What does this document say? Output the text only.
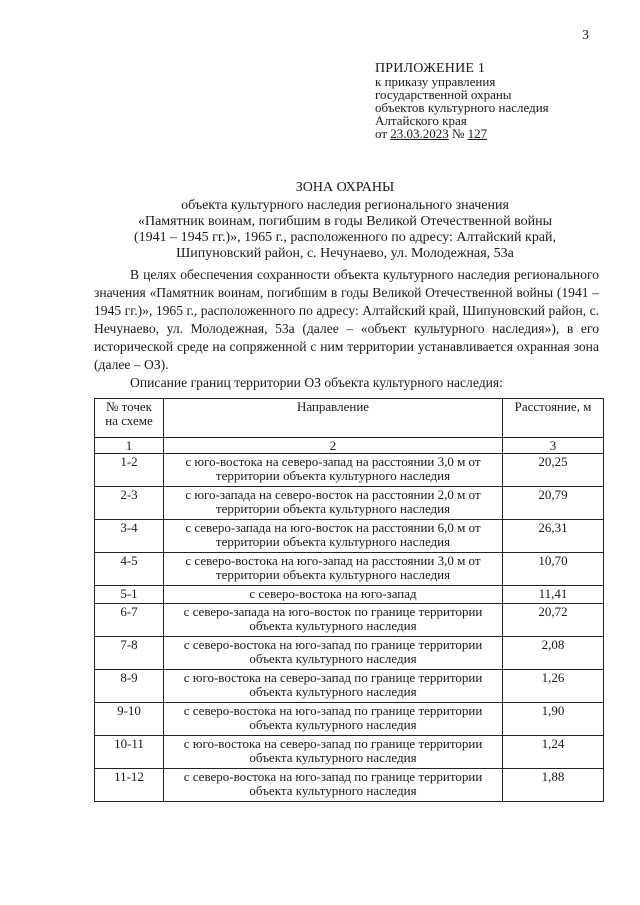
3
ПРИЛОЖЕНИЕ 1
к приказу управления
государственной охраны
объектов культурного наследия
Алтайского края
от 23.03.2023 № 127
ЗОНА ОХРАНЫ
объекта культурного наследия регионального значения
«Памятник воинам, погибшим в годы Великой Отечественной войны
(1941 – 1945 гг.)», 1965 г., расположенного по адресу: Алтайский край,
Шипуновский район, с. Нечунаево, ул. Молодежная, 53а

В целях обеспечения сохранности объекта культурного наследия регионального значения «Памятник воинам, погибшим в годы Великой Отечественной войны (1941 – 1945 гг.)», 1965 г., расположенного по адресу: Алтайский край, Шипуновский район, с. Нечунаево, ул. Молодежная, 53а (далее – «объект культурного наследия»), в его исторической среде на сопряженной с ним территории устанавливается охранная зона (далее – ОЗ).

Описание границ территории ОЗ объекта культурного наследия:

№ точек на схеме	Направление	Расстояние, м
1	2	3
1-2	с юго-востока на северо-запад на расстоянии 3,0 м от территории объекта культурного наследия	20,25
2-3	с юго-запада на северо-восток на расстоянии 2,0 м от территории объекта культурного наследия	20,79
3-4	с северо-запада на юго-восток на расстоянии 6,0 м от территории объекта культурного наследия	26,31
4-5	с северо-востока на юго-запад на расстоянии 3,0 м от территории объекта культурного наследия	10,70
5-1	с северо-востока на юго-запад	11,41
6-7	с северо-запада на юго-восток по границе территории объекта культурного наследия	20,72
7-8	с северо-востока на юго-запад по границе территории объекта культурного наследия	2,08
8-9	с юго-востока на северо-запад по границе территории объекта культурного наследия	1,26
9-10	с северо-востока на юго-запад по границе территории объекта культурного наследия	1,90
10-11	с юго-востока на северо-запад по границе территории объекта культурного наследия	1,24
11-12	с северо-востока на юго-запад по границе территории объекта культурного наследия	1,88
